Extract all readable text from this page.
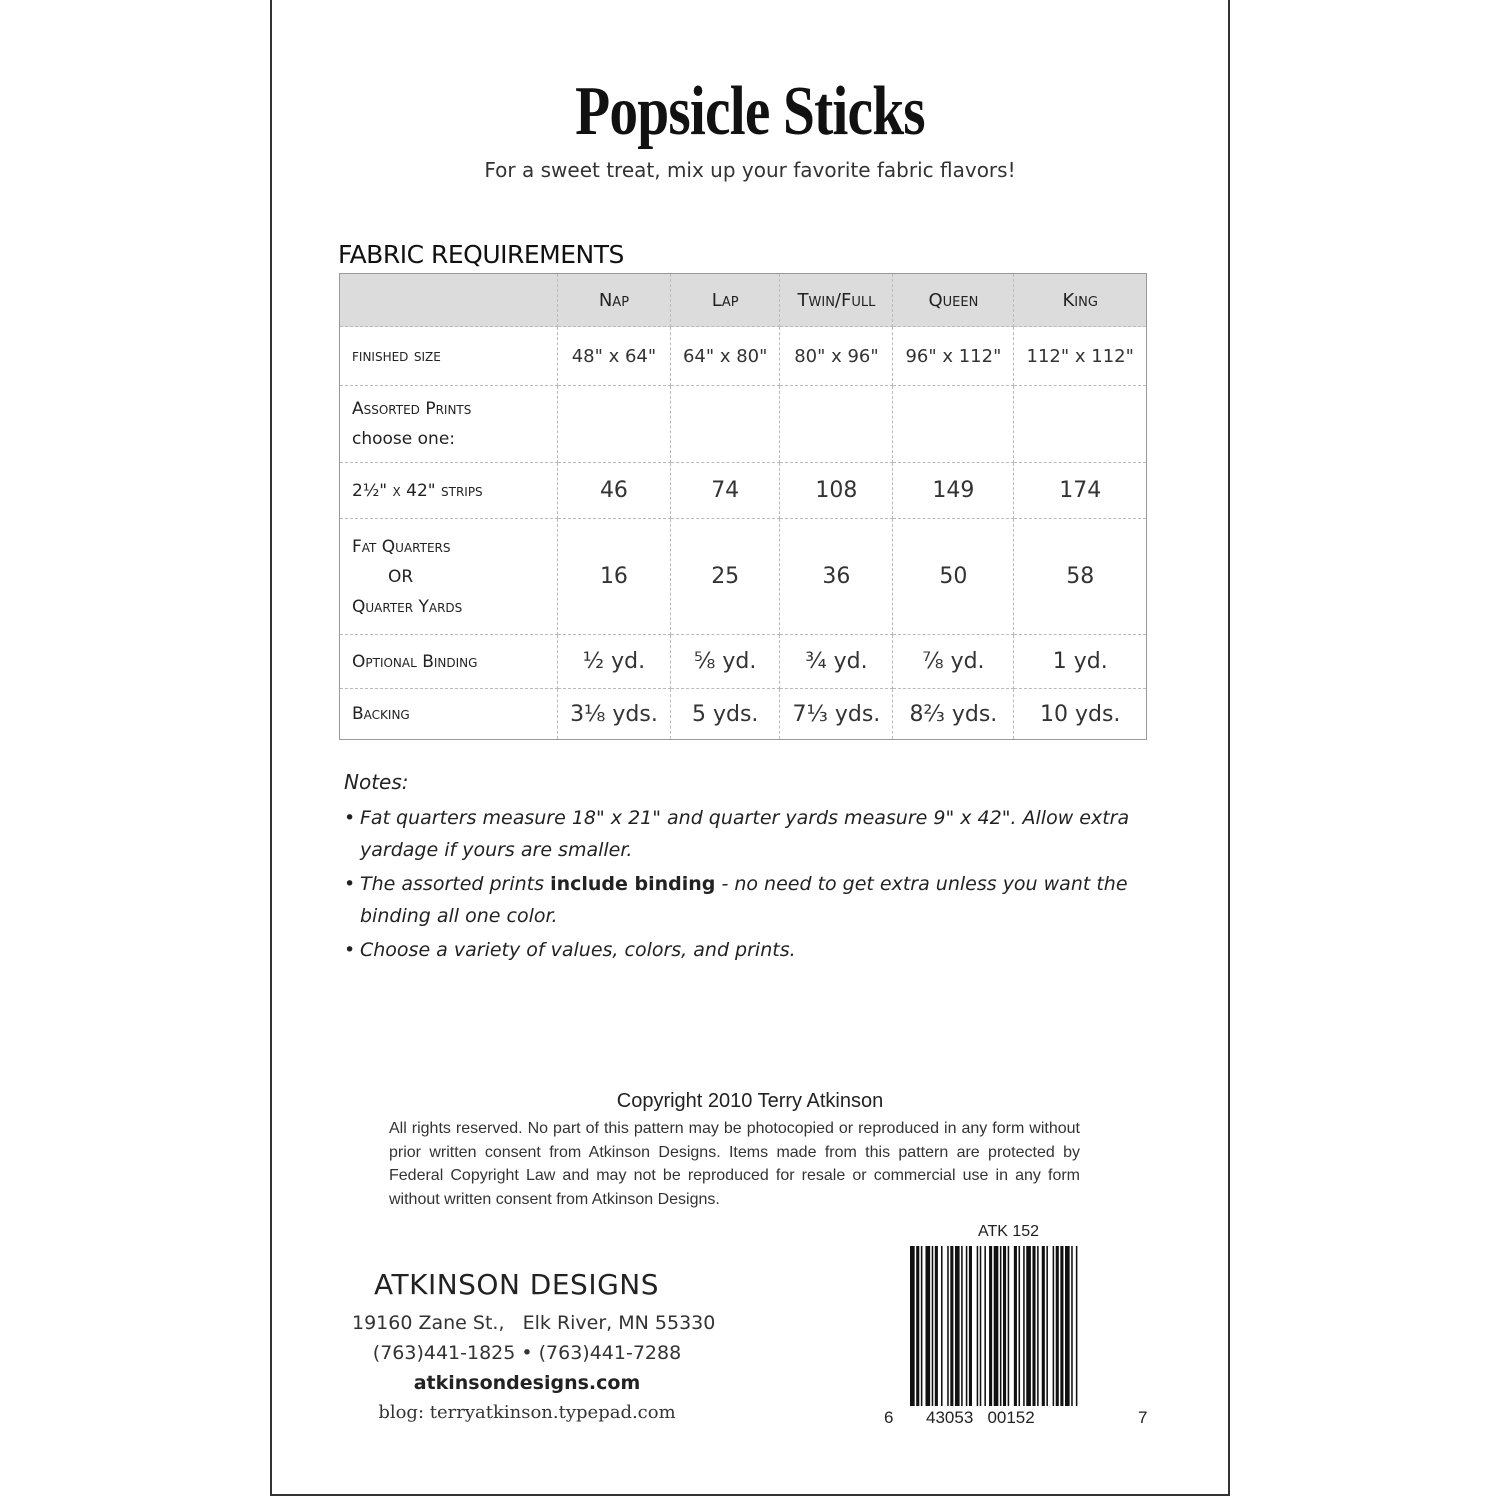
Popsicle Sticks
For a sweet treat, mix up your favorite fabric flavors!
FABRIC REQUIREMENTS
	Nap	Lap	Twin/Full	Queen	King
finished size	48" x 64"	64" x 80"	80" x 96"	96" x 112"	112" x 112"
Assorted Prints
choose one:					
2½" x 42" strips	46	74	108	149	174
Fat Quarters
OR
Quarter Yards	16	25	36	50	58
Optional Binding	½ yd.	⅝ yd.	¾ yd.	⅞ yd.	1 yd.
Backing	3⅛ yds.	5 yds.	7⅓ yds.	8⅔ yds.	10 yds.
Notes:
• Fat quarters measure 18" x 21" and quarter yards measure 9" x 42". Allow extra yardage if yours are smaller.
• The assorted prints include binding - no need to get extra unless you want the binding all one color.
• Choose a variety of values, colors, and prints.
Copyright 2010 Terry Atkinson
All rights reserved. No part of this pattern may be photocopied or reproduced in any form without prior written consent from Atkinson Designs. Items made from this pattern are protected by Federal Copyright Law and may not be reproduced for resale or commercial use in any form without written consent from Atkinson Designs.
ATK 152
6 43053   00152	7
ATKINSON DESIGNS
19160 Zane St.,   Elk River, MN 55330
(763)441-1825 • (763)441-7288
atkinsondesigns.com
blog: terryatkinson.typepad.com
